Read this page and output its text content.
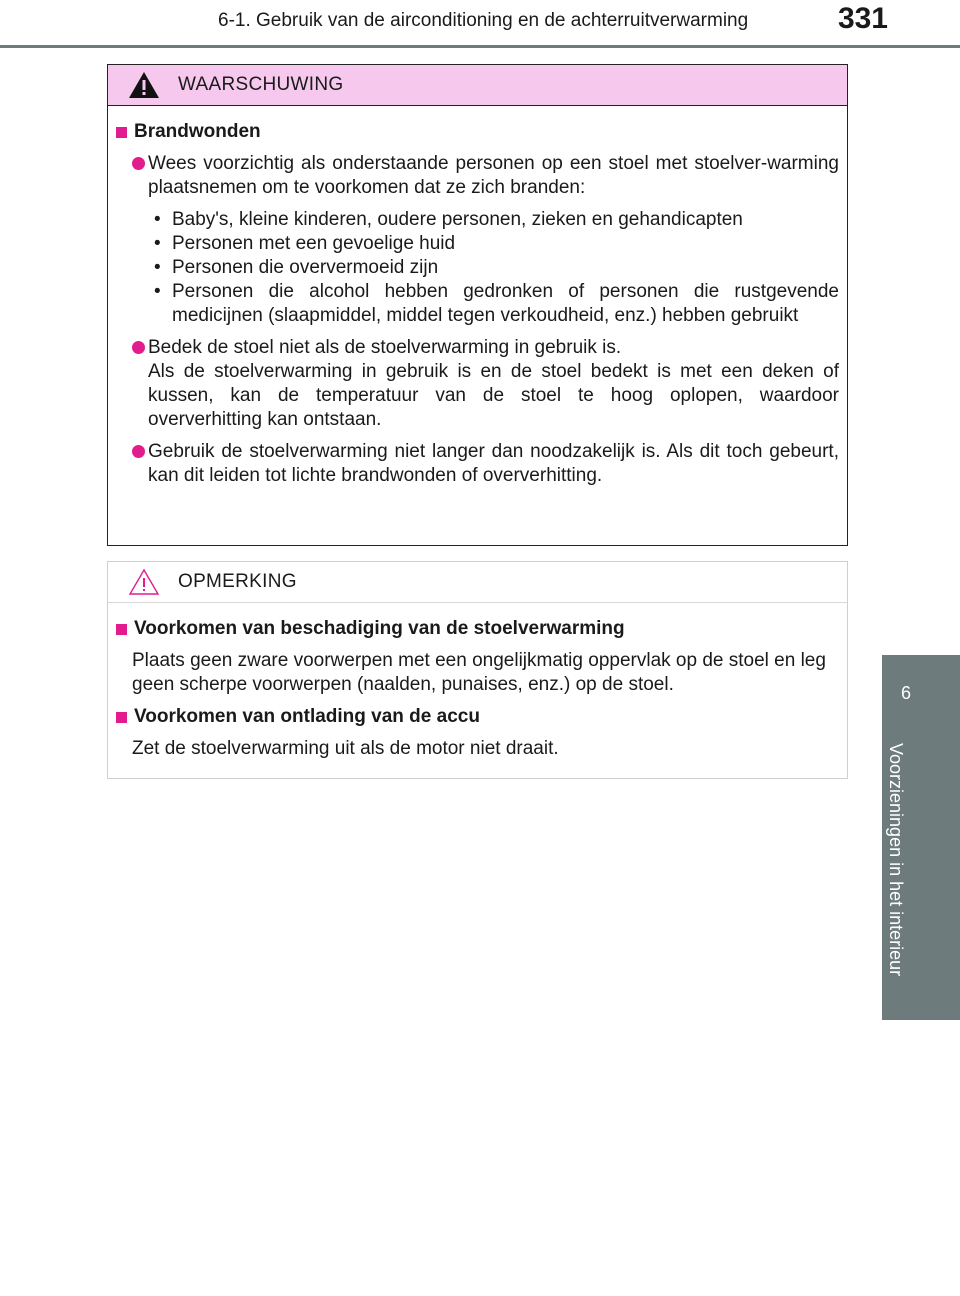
6-1. Gebruik van de airconditioning en de achterruitverwarming	331
6
Voorzieningen in het interieur
WAARSCHUWING
Brandwonden
Wees voorzichtig als onderstaande personen op een stoel met stoelver-warming plaatsnemen om te voorkomen dat ze zich branden:
• Baby's, kleine kinderen, oudere personen, zieken en gehandicapten
• Personen met een gevoelige huid
• Personen die oververmoeid zijn
• Personen die alcohol hebben gedronken of personen die rustgevende medicijnen (slaapmiddel, middel tegen verkoudheid, enz.) hebben gebruikt
Bedek de stoel niet als de stoelverwarming in gebruik is.
Als de stoelverwarming in gebruik is en de stoel bedekt is met een deken of kussen, kan de temperatuur van de stoel te hoog oplopen, waardoor oververhitting kan ontstaan.
Gebruik de stoelverwarming niet langer dan noodzakelijk is. Als dit toch gebeurt, kan dit leiden tot lichte brandwonden of oververhitting.
OPMERKING
Voorkomen van beschadiging van de stoelverwarming
Plaats geen zware voorwerpen met een ongelijkmatig oppervlak op de stoel en leg geen scherpe voorwerpen (naalden, punaises, enz.) op de stoel.
Voorkomen van ontlading van de accu
Zet de stoelverwarming uit als de motor niet draait.
